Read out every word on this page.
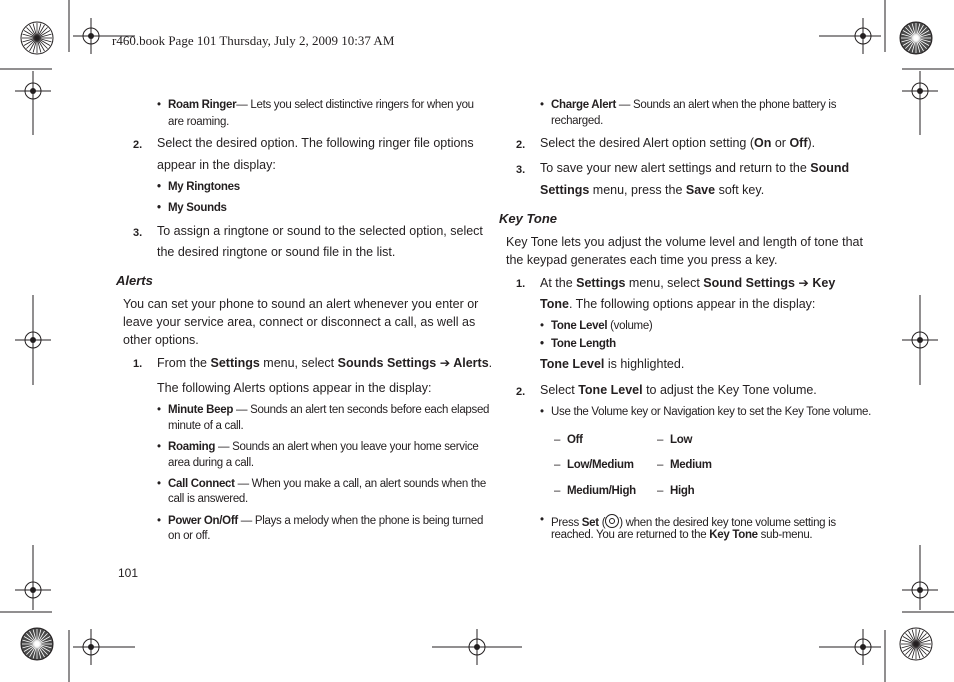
r460.book Page 101 Thursday, July 2, 2009 10:37 AM
Roam Ringer— Lets you select distinctive ringers for when you
are roaming.
2. Select the desired option. The following ringer file options
appear in the display:
My Ringtones
My Sounds
3. To assign a ringtone or sound to the selected option, select
the desired ringtone or sound file in the list.
Alerts
You can set your phone to sound an alert whenever you enter or
leave your service area, connect or disconnect a call, as well as
other options.
1. From the Settings menu, select Sounds Settings ➔ Alerts.
The following Alerts options appear in the display:
Minute Beep — Sounds an alert ten seconds before each elapsed
minute of a call.
Roaming — Sounds an alert when you leave your home service
area during a call.
Call Connect — When you make a call, an alert sounds when the
call is answered.
Power On/Off — Plays a melody when the phone is being turned
on or off.
101
Charge Alert — Sounds an alert when the phone battery is
recharged.
2. Select the desired Alert option setting (On or Off).
3. To save your new alert settings and return to the Sound
Settings menu, press the Save soft key.
Key Tone
Key Tone lets you adjust the volume level and length of tone that
the keypad generates each time you press a key.
1. At the Settings menu, select Sound Settings ➔ Key
Tone. The following options appear in the display:
Tone Level (volume)
Tone Length
Tone Level is highlighted.
2. Select Tone Level to adjust the Key Tone volume.
Use the Volume key or Navigation key to set the Key Tone volume.
– Off	– Low
– Low/Medium – Medium
– Medium/High – High
Press Set ( ) when the desired key tone volume setting is
reached. You are returned to the Key Tone sub-menu.
